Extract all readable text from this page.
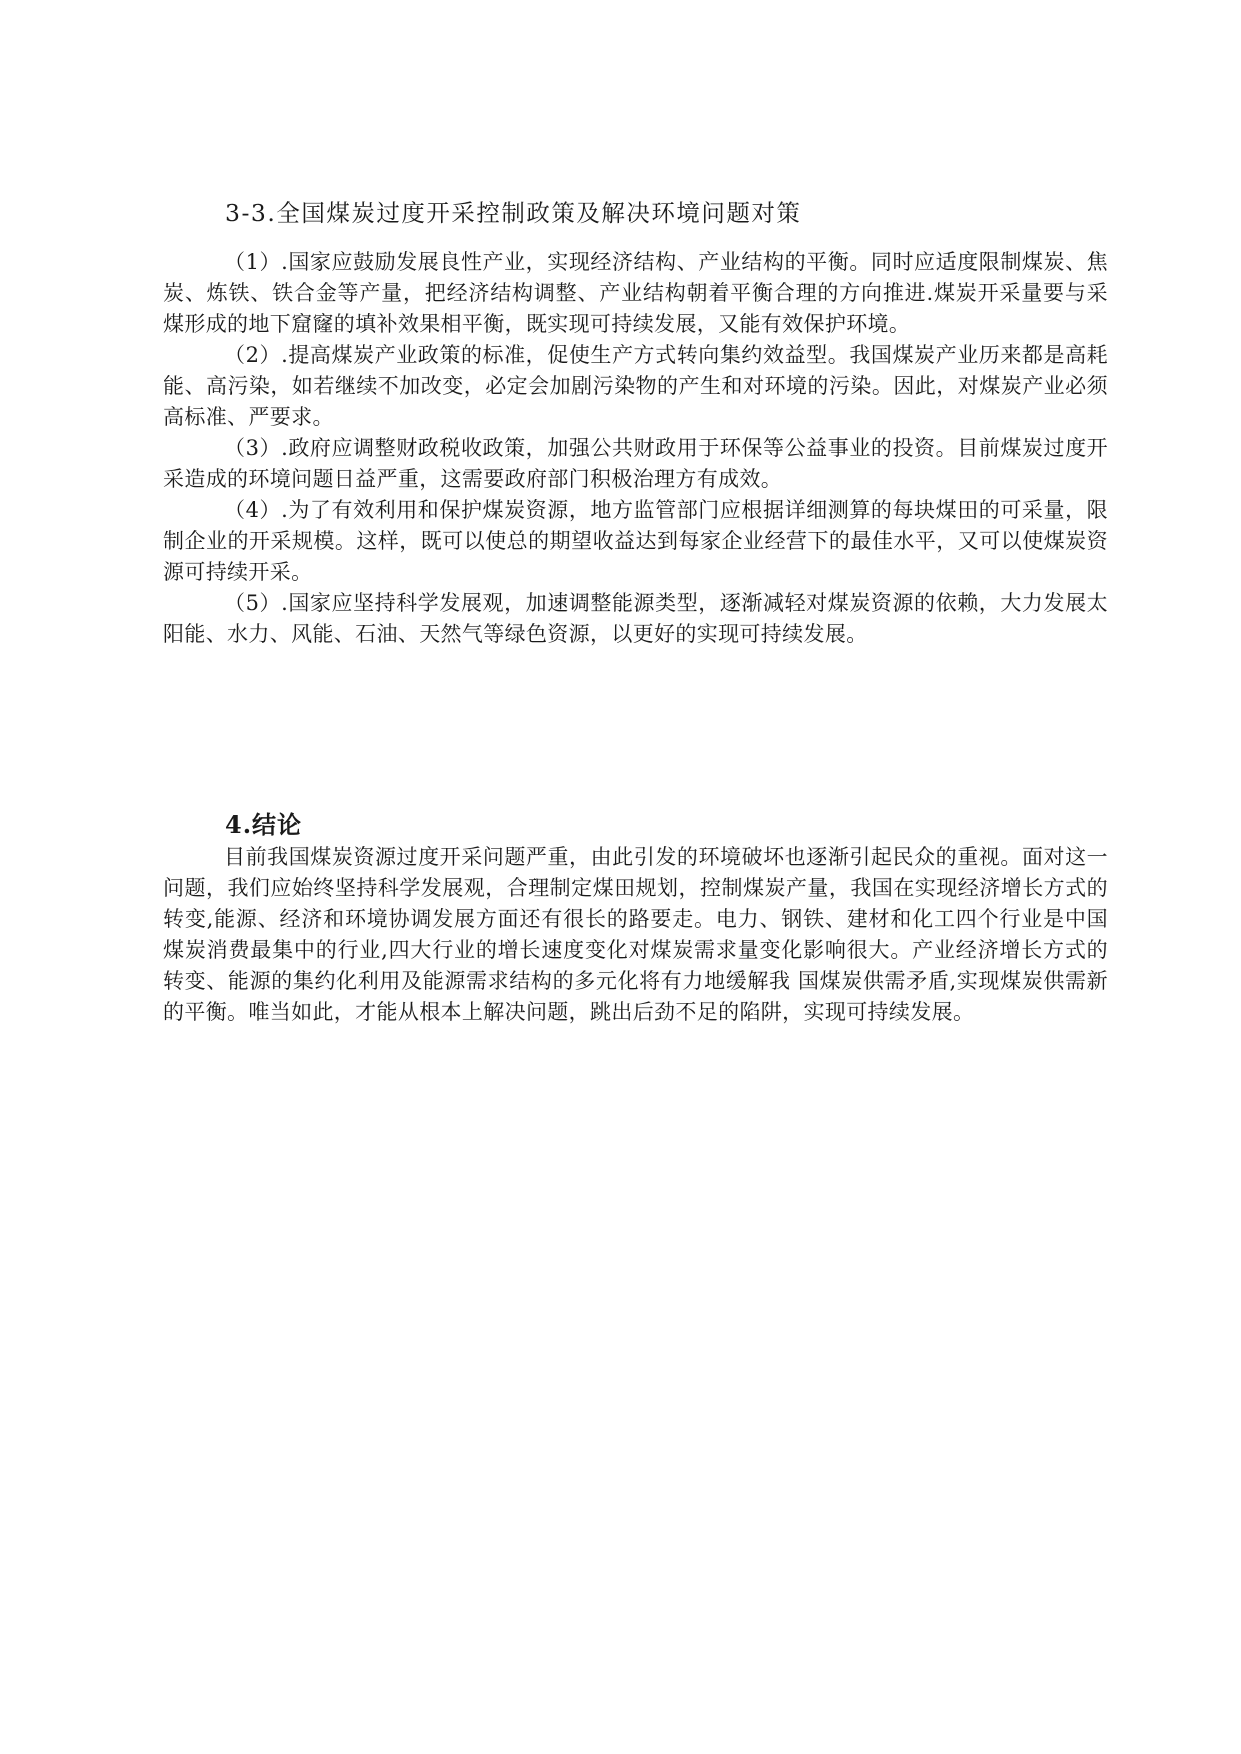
3-3.全国煤炭过度开采控制政策及解决环境问题对策

（1）.国家应鼓励发展良性产业，实现经济结构、产业结构的平衡。同时应适度限制煤炭、焦炭、炼铁、铁合金等产量，把经济结构调整、产业结构朝着平衡合理的方向推进.煤炭开采量要与采煤形成的地下窟窿的填补效果相平衡，既实现可持续发展，又能有效保护环境。

（2）.提高煤炭产业政策的标准，促使生产方式转向集约效益型。我国煤炭产业历来都是高耗能、高污染，如若继续不加改变，必定会加剧污染物的产生和对环境的污染。因此，对煤炭产业必须高标准、严要求。

（3）.政府应调整财政税收政策，加强公共财政用于环保等公益事业的投资。目前煤炭过度开采造成的环境问题日益严重，这需要政府部门积极治理方有成效。

（4）.为了有效利用和保护煤炭资源，地方监管部门应根据详细测算的每块煤田的可采量，限制企业的开采规模。这样，既可以使总的期望收益达到每家企业经营下的最佳水平，又可以使煤炭资源可持续开采。

（5）.国家应坚持科学发展观，加速调整能源类型，逐渐减轻对煤炭资源的依赖，大力发展太阳能、水力、风能、石油、天然气等绿色资源，以更好的实现可持续发展。

4.结论

目前我国煤炭资源过度开采问题严重，由此引发的环境破坏也逐渐引起民众的重视。面对这一问题，我们应始终坚持科学发展观，合理制定煤田规划，控制煤炭产量，我国在实现经济增长方式的转变,能源、经济和环境协调发展方面还有很长的路要走。电力、钢铁、建材和化工四个行业是中国煤炭消费最集中的行业,四大行业的增长速度变化对煤炭需求量变化影响很大。产业经济增长方式的转变、能源的集约化利用及能源需求结构的多元化将有力地缓解我 国煤炭供需矛盾,实现煤炭供需新的平衡。唯当如此，才能从根本上解决问题，跳出后劲不足的陷阱，实现可持续发展。
